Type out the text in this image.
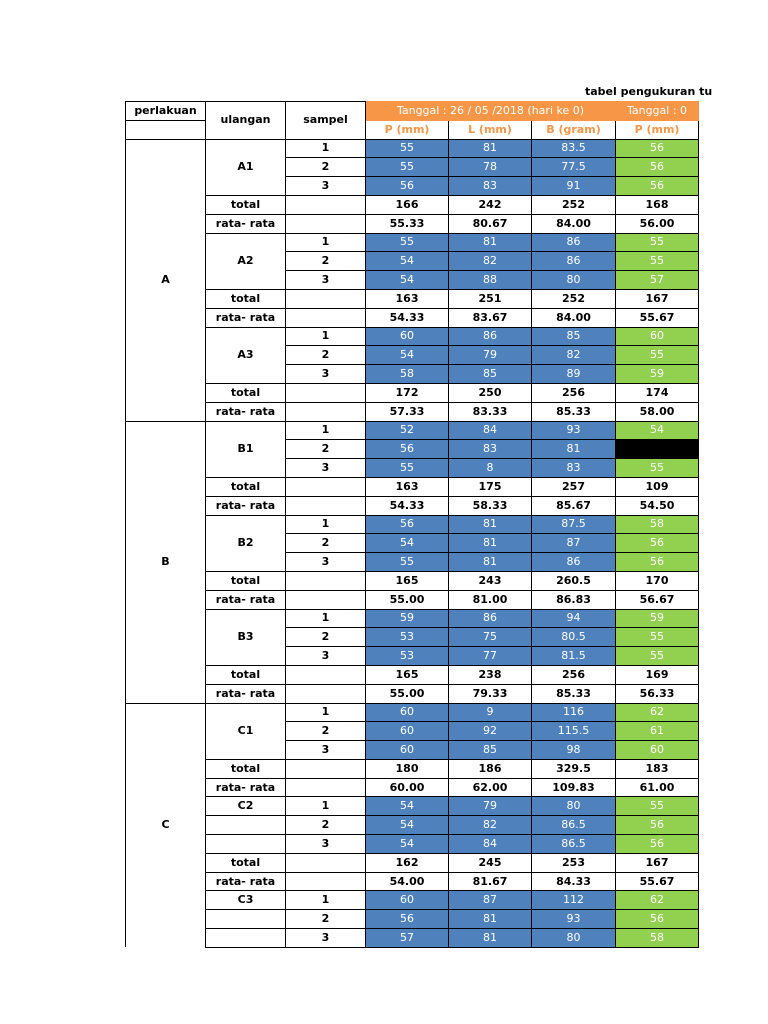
tabel pengukuran tu
perlakuan	ulangan	sampel	Tanggal : 26 / 05 /2018 (hari ke 0)			Tanggal : 0
			P (mm)	L (mm)	B (gram)	P (mm)
A	A1	1	55	81	83.5	56
		2	55	78	77.5	56
		3	56	83	91	56
	total		166	242	252	168
	rata- rata		55.33	80.67	84.00	56.00
	A2	1	55	81	86	55
		2	54	82	86	55
		3	54	88	80	57
	total		163	251	252	167
	rata- rata		54.33	83.67	84.00	55.67
	A3	1	60	86	85	60
		2	54	79	82	55
		3	58	85	89	59
	total		172	250	256	174
	rata- rata		57.33	83.33	85.33	58.00
B	B1	1	52	84	93	54
		2	56	83	81	
		3	55	8	83	55
	total		163	175	257	109
	rata- rata		54.33	58.33	85.67	54.50
	B2	1	56	81	87.5	58
		2	54	81	87	56
		3	55	81	86	56
	total		165	243	260.5	170
	rata- rata		55.00	81.00	86.83	56.67
	B3	1	59	86	94	59
		2	53	75	80.5	55
		3	53	77	81.5	55
	total		165	238	256	169
	rata- rata		55.00	79.33	85.33	56.33
C	C1	1	60	9	116	62
		2	60	92	115.5	61
		3	60	85	98	60
	total		180	186	329.5	183
	rata- rata		60.00	62.00	109.83	61.00
	C2	1	54	79	80	55
		2	54	82	86.5	56
		3	54	84	86.5	56
	total		162	245	253	167
	rata- rata		54.00	81.67	84.33	55.67
	C3	1	60	87	112	62
		2	56	81	93	56
		3	57	81	80	58
